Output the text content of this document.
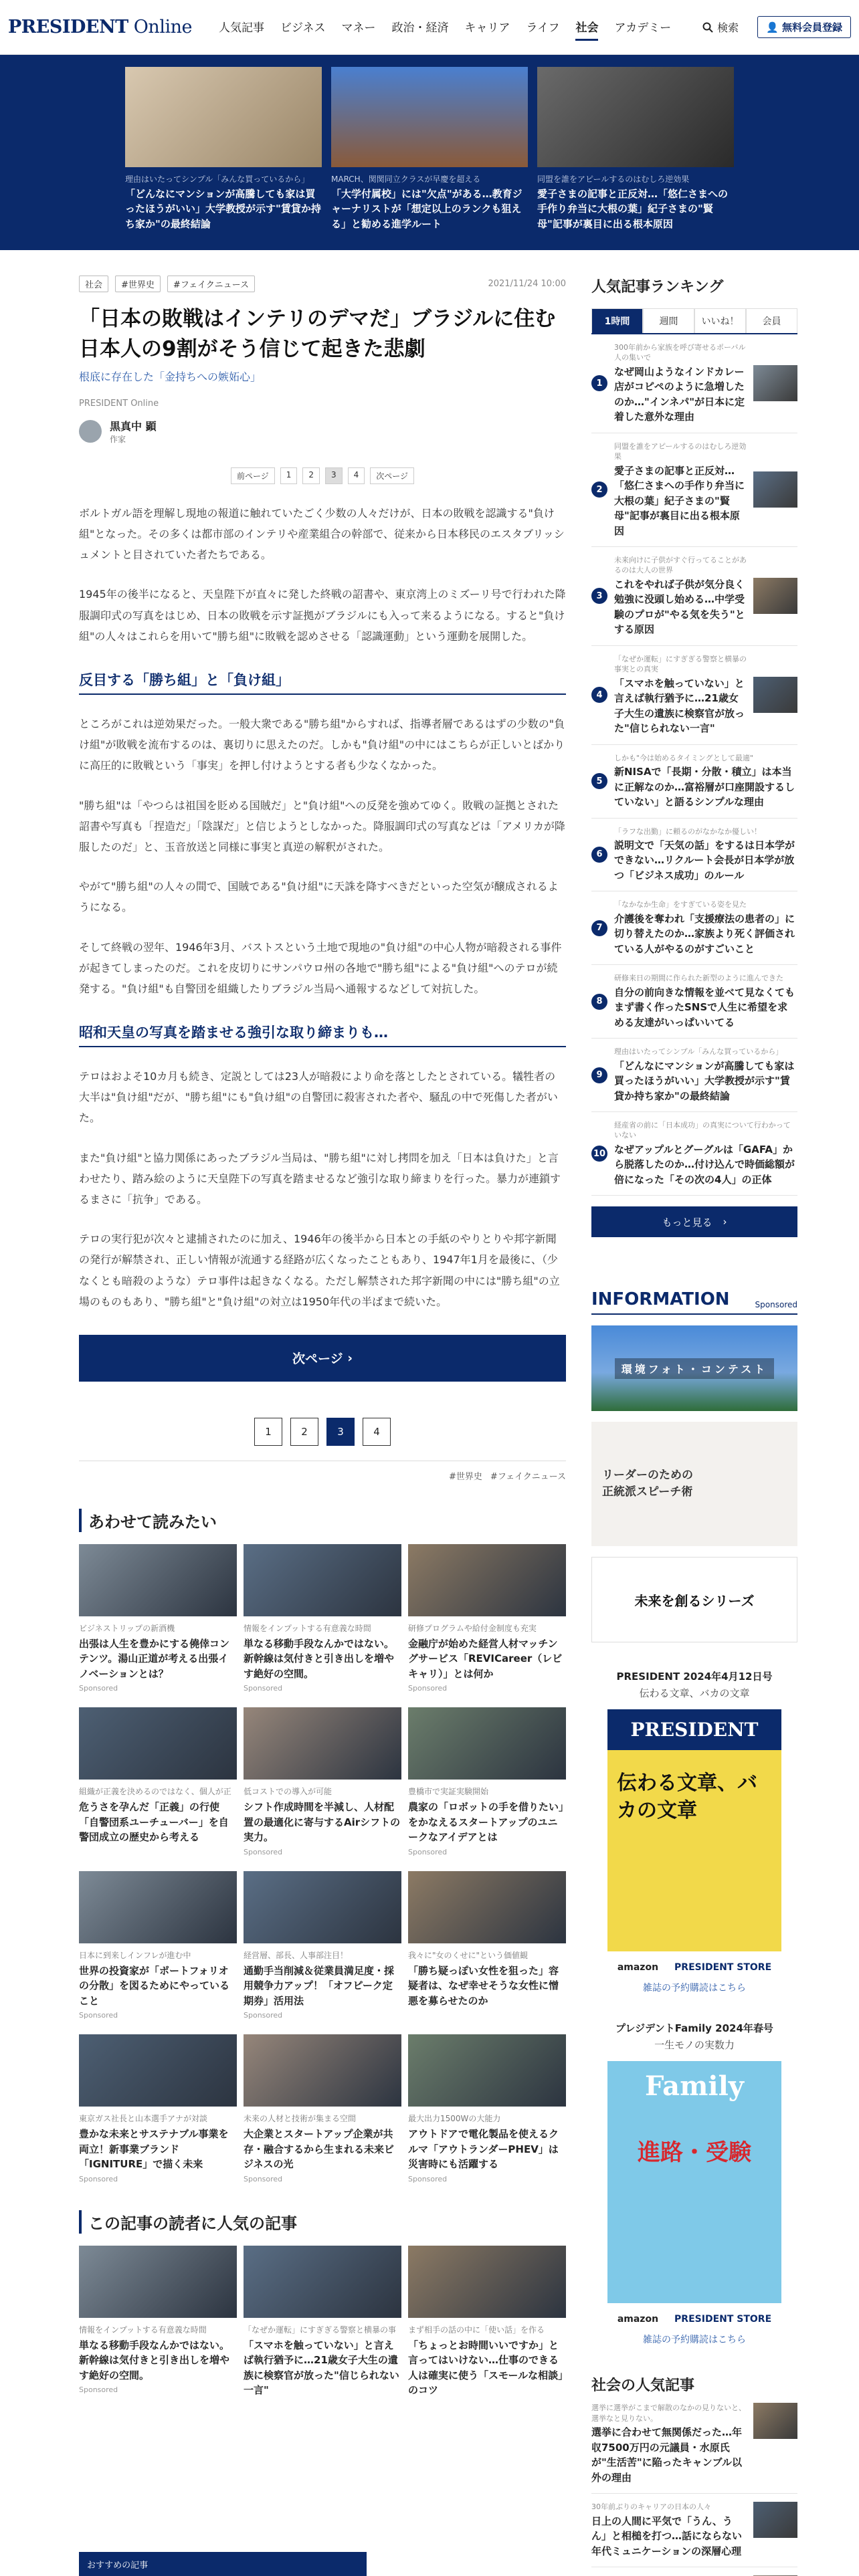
PRESIDENT Online 人気記事 ビジネス マネー 政治・経済 キャリア ライフ 社会 アカデミー	検索	👤 無料会員登録
理由はいたってシンプル「みんな買っているから」
「どんなにマンションが高騰しても家は買ったほうがいい」大学教授が示す"賃貸か持ち家か"の最終結論
MARCH、関関同立クラスが早慶を超える
「大学付属校」には"欠点"がある…教育ジャーナリストが「想定以上のランクも狙える」と勧める進学ルート
同盟を誰をアピールするのはむしろ逆効果
愛子さまの記事と正反対…「悠仁さまへの手作り弁当に大根の葉」紀子さまの"賢母"記事が裏目に出る根本原因
社会	#世界史	#フェイクニュース	2021/11/24 10:00
「日本の敗戦はインテリのデマだ」ブラジルに住む日本人の9割がそう信じて起きた悲劇
根底に存在した「金持ちへの嫉妬心」
PRESIDENT Online
黒真中 顕
作家
前ページ	1	2	3	4	次ページ

ボルトガル語を理解し現地の報道に触れていたごく少数の人々だけが、日本の敗戦を認識する"負け組"となった。その多くは都市部のインテリや産業組合の幹部で、従来から日本移民のエスタブリッシュメントと目されていた者たちである。

1945年の後半になると、天皇陛下が直々に発した終戦の詔書や、東京湾上のミズーリ号で行われた降服調印式の写真をはじめ、日本の敗戦を示す証拠がブラジルにも入って来るようになる。すると"負け組"の人々はこれらを用いて"勝ち組"に敗戦を認めさせる「認識運動」という運動を展開した。

反目する「勝ち組」と「負け組」

ところがこれは逆効果だった。一般大衆である"勝ち組"からすれば、指導者層であるはずの少数の"負け組"が敗戦を流布するのは、裏切りに思えたのだ。しかも"負け組"の中にはこちらが正しいとばかりに高圧的に敗戦という「事実」を押し付けようとする者も少なくなかった。

"勝ち組"は「やつらは祖国を貶める国賊だ」と"負け組"への反発を強めてゆく。敗戦の証拠とされた詔書や写真も「捏造だ」「陰謀だ」と信じようとしなかった。降服調印式の写真などは「アメリカが降服したのだ」と、玉音放送と同様に事実と真逆の解釈がされた。

やがて"勝ち組"の人々の間で、国賊である"負け組"に天誅を降すべきだといった空気が醸成されるようになる。

そして終戦の翌年、1946年3月、バストスという土地で現地の"負け組"の中心人物が暗殺される事件が起きてしまったのだ。これを皮切りにサンパウロ州の各地で"勝ち組"による"負け組"へのテロが続発する。"負け組"も自警団を組織したりブラジル当局へ通報するなどして対抗した。

昭和天皇の写真を踏ませる強引な取り締まりも…

テロはおよそ10カ月も続き、定説としては23人が暗殺により命を落としたとされている。犠牲者の大半は"負け組"だが、"勝ち組"にも"負け組"の自警団に殺害された者や、騒乱の中で死傷した者がいた。

また"負け組"と協力関係にあったブラジル当局は、"勝ち組"に対し拷問を加え「日本は負けた」と言わせたり、踏み絵のように天皇陛下の写真を踏ませるなど強引な取り締まりを行った。暴力が連鎖するまさに「抗争」である。

テロの実行犯が次々と逮捕されたのに加え、1946年の後半から日本との手紙のやりとりや邦字新聞の発行が解禁され、正しい情報が流通する経路が広くなったこともあり、1947年1月を最後に、（少なくとも暗殺のような）テロ事件は起きなくなる。ただし解禁された邦字新聞の中には"勝ち組"の立場のものもあり、"勝ち組"と"負け組"の対立は1950年代の半ばまで続いた。

次ページ ›
1	2	3	4
#世界史 #フェイクニュース
あわせて読みたい
ビジネストリップの新酒機
出張は人生を豊かにする僥倖コンテンツ。湯山正道が考える出張イノベーションとは？
Sponsored
情報をインプットする有意義な時間
単なる移動手段なんかではない。新幹線は気付きと引き出しを増やす絶好の空間。
Sponsored
研修プログラムや給付金制度も充実
金融庁が始めた経営人材マッチングサービス「REVICareer（レビキャリ）」とは何か
Sponsored
組織が正義を決めるのではなく、個人が正
危うさを孕んだ「正義」の行使「自警団系ユーチューバー」を自警団成立の歴史から考える
低コストでの導入が可能
シフト作成時間を半減し、人材配置の最適化に寄与するAirシフトの実力。
Sponsored
豊橋市で実証実験開始
農家の「ロボットの手を借りたい」をかなえるスタートアップのユニークなアイデアとは
Sponsored
日本に到来しインフレが進む中
世界の投資家が「ポートフォリオの分散」を図るためにやっていること
Sponsored
経営層、部長、人事部注目！
通勤手当削減＆従業員満足度・採用競争力アップ！「オフピーク定期券」活用法
Sponsored
我々に"女のくせに"という価値観
「勝ち疑っぽい女性を狙った」容疑者は、なぜ幸せそうな女性に憎悪を募らせたのか
東京ガス社長と山本選手アナが対談
豊かな未来とサステナブル事業を両立！新事業ブランド「IGNITURE」で描く未来
Sponsored
未来の人材と技術が集まる空間
大企業とスタートアップ企業が共存・融合するから生まれる未来ビジネスの光
Sponsored
最大出力1500Wの大能力
アウトドアで電化製品を使えるクルマ「アウトランダーPHEV」は災害時にも活躍する
Sponsored
この記事の読者に人気の記事
情報をインプットする有意義な時間
単なる移動手段なんかではない。新幹線は気付きと引き出しを増やす絶好の空間。
Sponsored
「なぜか運転」にすぎぎる警察と横暴の事
「スマホを触っていない」と言えば執行猶予に…21歳女子大生の遺族に検察官が放った"信じられない一言"
まず相手の話の中に「使い話」を作る
「ちょっとお時間いいですか」と言ってはいけない…仕事のできる人は確実に使う「スモールな相談」のコツ
人気記事ランキング
1時間	週間	いいね！	会員
1
300年前から家族を呼び寄せるポーバル人の集いで
なぜ岡山ようなインドカレー店がコピペのように急増したのか…"インネパ"が日本に定着した意外な理由
2
同盟を誰をアピールするのはむしろ逆効果
愛子さまの記事と正反対…「悠仁さまへの手作り弁当に大根の葉」紀子さまの"賢母"記事が裏目に出る根本原因
3
未来向けに子供がすぐ行ってることがあるのは大人の世界
これをやれば子供が気分良く勉強に没頭し始める…中学受験のプロが"やる気を失う"とする原因
4
「なぜか運転」にすぎぎる警察と横暴の事実との真実
「スマホを触っていない」と言えば執行猶予に…21歳女子大生の遺族に検察官が放った"信じられない一言"
5
しかも"今は始めるタイミングとして最適"
新NISAで「長期・分散・積立」は本当に正解なのか…富裕層が口座開設するしていない」と語るシンプルな理由
6
「ラフな出勤」に頼るのがなかなか優しい！
説明文で「天気の話」をするは日本学ができない…リクルート会長が日本学が放つ「ビジネス成功」のルール
7
「なかなか生命」をすぎている姿を見た
介護後を奪われ「支援療法の患者の」に切り替えたのか…家族より死く評価されている人がやるのがすごいこと
8
研修来日の期間に作られた新型のように進んできた
自分の前向きな情報を並べて見なくてもまず書く作ったSNSで人生に希望を求める友達がいっぱいいてる
9
理由はいたってシンプル「みんな買っているから」
「どんなにマンションが高騰しても家は買ったほうがいい」大学教授が示す"賃貸か持ち家か"の最終結論
10
経産省の前に「日本成功」の真実について行わかっていない
なぜアップルとグーグルは「GAFA」から脱落したのか…付け込んで時価総額が倍になった「その次の4人」の正体
もっと見る ›
INFORMATION	Sponsored
環境フォト・コンテスト
リーダーのための正統派スピーチ術
未来を創るシリーズ
PRESIDENT 2024年4月12日号
伝わる文章、バカの文章
PRESIDENT
伝わる文章、バカの文章
amazon PRESIDENT STORE
雑誌の予約購読はこちら
プレジデントFamily 2024年春号
一生モノの実数力
Family
進路・受験
amazon PRESIDENT STORE
雑誌の予約購読はこちら
社会の人気記事
選挙に選挙がこまで解散のなかの見りないと、選挙なと見りない。
選挙に合わせて無関係だった…年収7500万円の元議員・水原氏が"生活苦"に陥ったキャンブル以外の理由
30年前ぶりのキャリアの日本の人々
日上の人間に平気で「うん、うん」と相槌を打つ…話にならない年代ミュニケーションの深層心理
おすすめの記事
